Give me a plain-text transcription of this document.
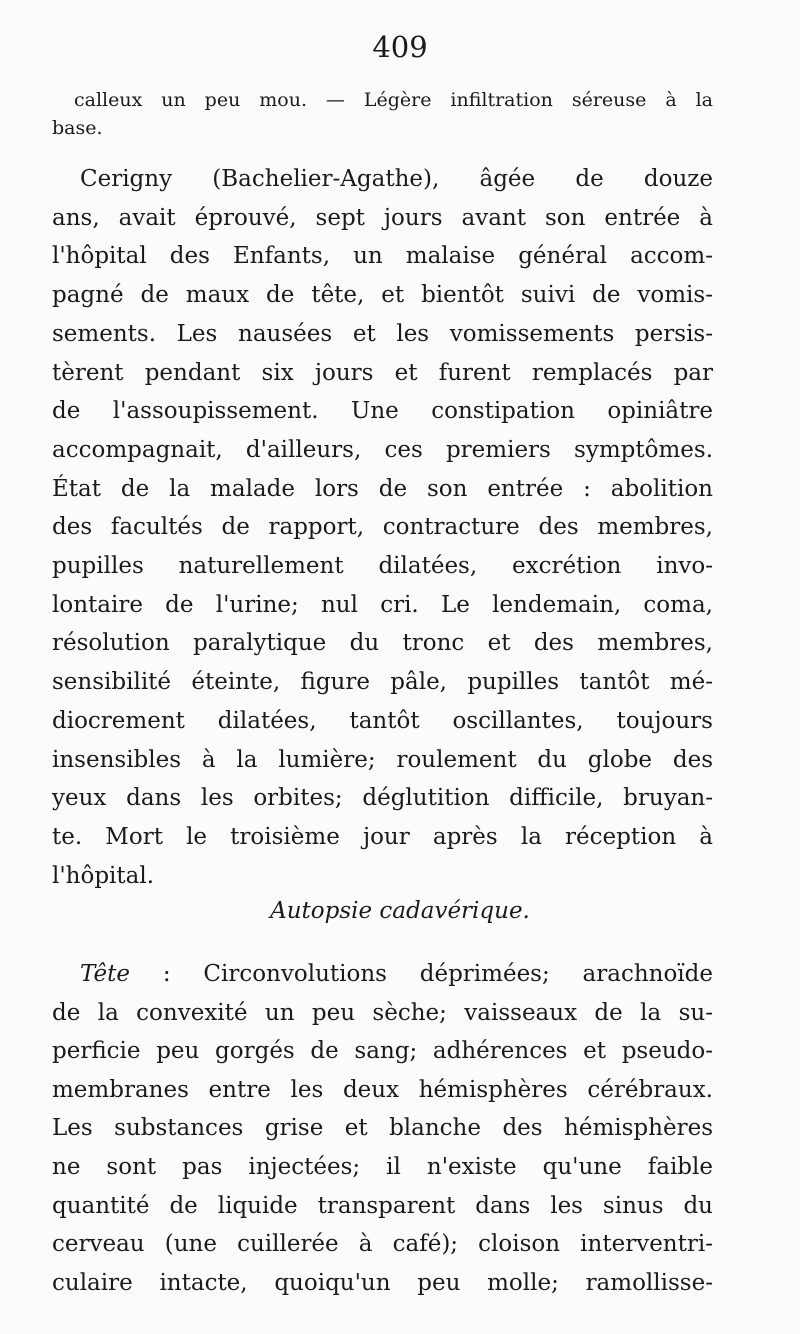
409

calleux un peu mou. — Légère infiltration séreuse à la
base.

Cerigny (Bachelier-Agathe), âgée de douze
ans, avait éprouvé, sept jours avant son entrée à
l'hôpital des Enfants, un malaise général accom-
pagné de maux de tête, et bientôt suivi de vomis-
sements. Les nausées et les vomissements persis-
tèrent pendant six jours et furent remplacés par
de l'assoupissement. Une constipation opiniâtre
accompagnait, d'ailleurs, ces premiers symptômes.
État de la malade lors de son entrée : abolition
des facultés de rapport, contracture des membres,
pupilles naturellement dilatées, excrétion invo-
lontaire de l'urine; nul cri. Le lendemain, coma,
résolution paralytique du tronc et des membres,
sensibilité éteinte, figure pâle, pupilles tantôt mé-
diocrement dilatées, tantôt oscillantes, toujours
insensibles à la lumière; roulement du globe des
yeux dans les orbites; déglutition difficile, bruyan-
te. Mort le troisième jour après la réception à
l'hôpital.

Autopsie cadavérique.

Tête : Circonvolutions déprimées; arachnoïde
de la convexité un peu sèche; vaisseaux de la su-
perficie peu gorgés de sang; adhérences et pseudo-
membranes entre les deux hémisphères cérébraux.
Les substances grise et blanche des hémisphères
ne sont pas injectées; il n'existe qu'une faible
quantité de liquide transparent dans les sinus du
cerveau (une cuillerée à café); cloison interventri-
culaire intacte, quoiqu'un peu molle; ramollisse-
